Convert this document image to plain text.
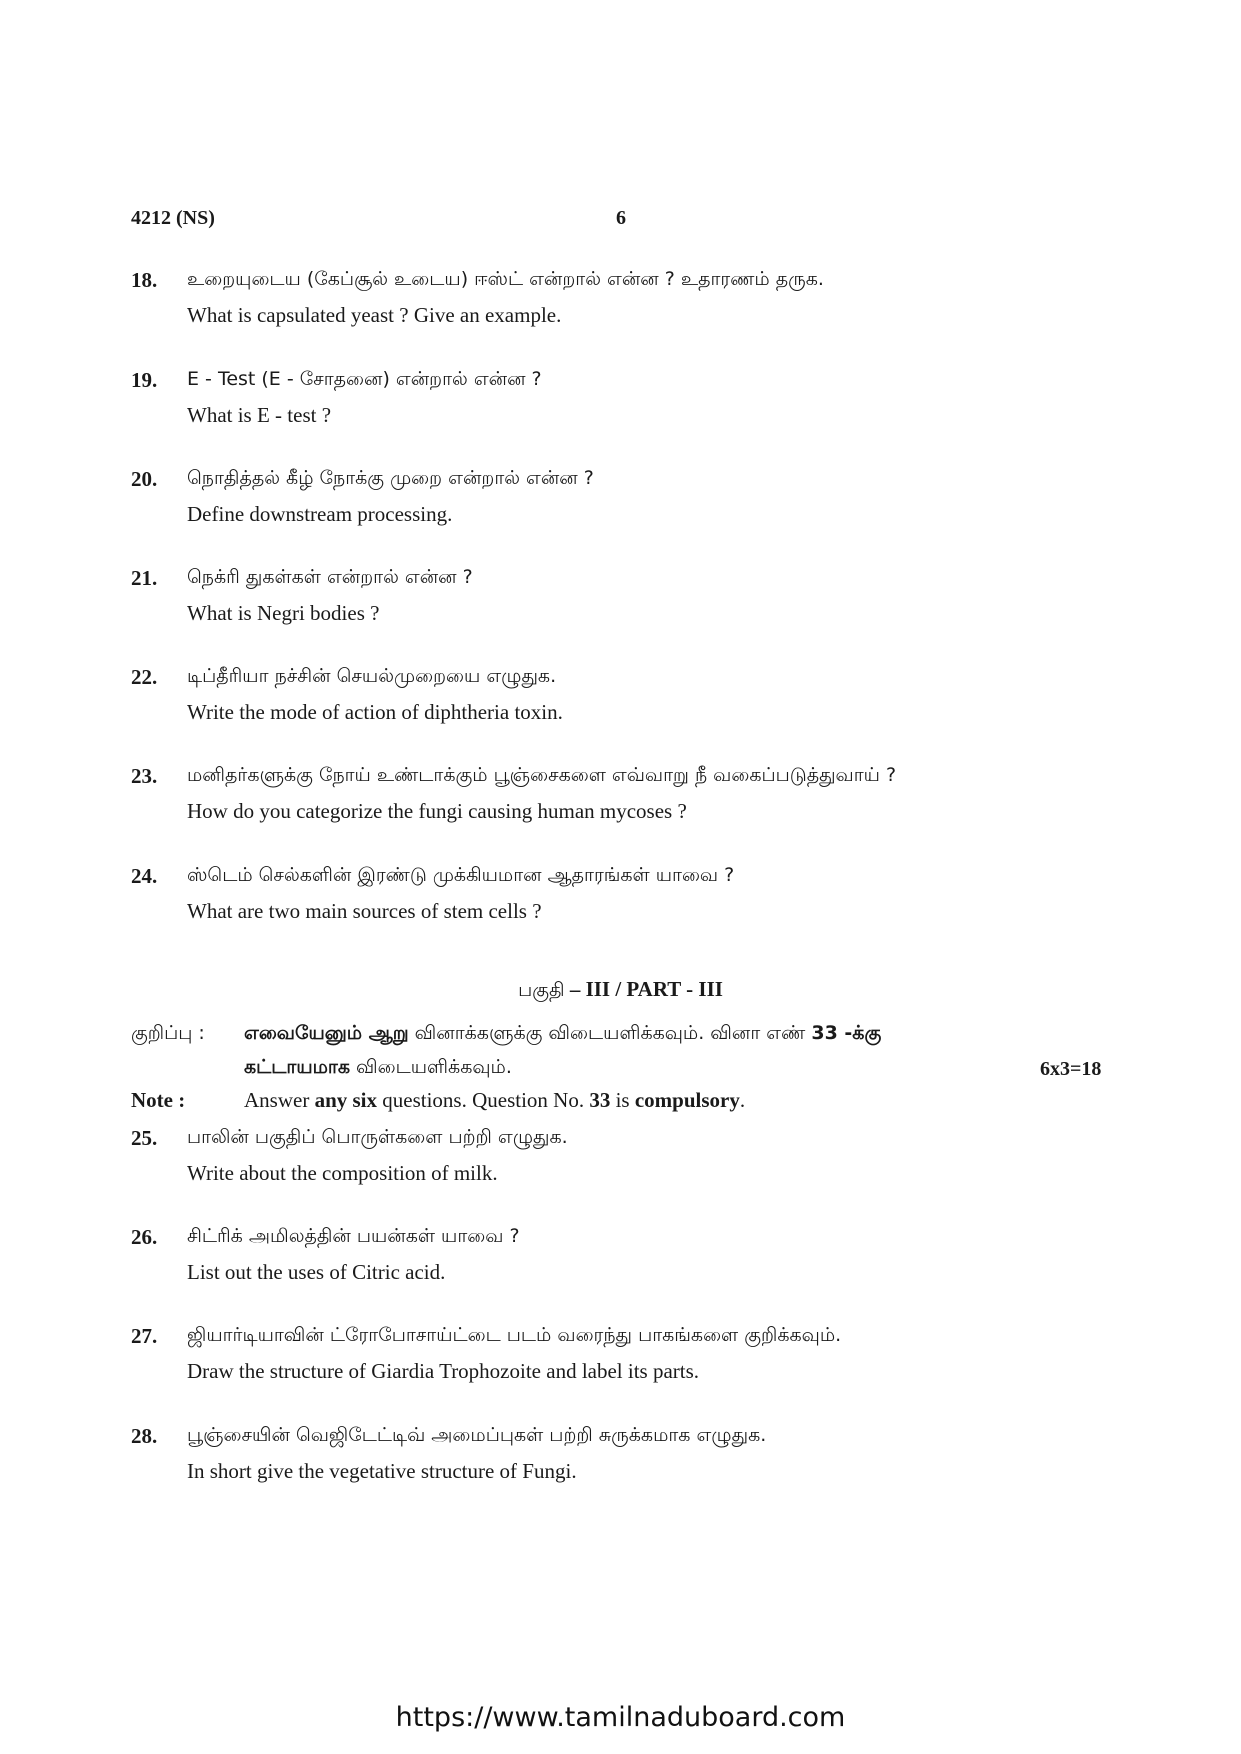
4212 (NS)	6
18. உறையுடைய (கேப்சூல் உடைய) ஈஸ்ட் என்றால் என்ன ? உதாரணம் தருக.
What is capsulated yeast ? Give an example.
19. E - Test (E - சோதனை) என்றால் என்ன ?
What is E - test ?
20. நொதித்தல் கீழ் நோக்கு முறை என்றால் என்ன ?
Define downstream processing.
21. நெக்ரி துகள்கள் என்றால் என்ன ?
What is Negri bodies ?
22. டிப்தீரியா நச்சின் செயல்முறையை எழுதுக.
Write the mode of action of diphtheria toxin.
23. மனிதர்களுக்கு நோய் உண்டாக்கும் பூஞ்சைகளை எவ்வாறு நீ வகைப்படுத்துவாய் ?
How do you categorize the fungi causing human mycoses ?
24. ஸ்டெம் செல்களின் இரண்டு முக்கியமான ஆதாரங்கள் யாவை ?
What are two main sources of stem cells ?
பகுதி – III / PART - III
குறிப்பு : எவையேனும் ஆறு வினாக்களுக்கு விடையளிக்கவும். வினா எண் 33 -க்கு
கட்டாயமாக விடையளிக்கவும்.	6x3=18
Note :	Answer any six questions. Question No. 33 is compulsory.
25. பாலின் பகுதிப் பொருள்களை பற்றி எழுதுக.
Write about the composition of milk.
26. சிட்ரிக் அமிலத்தின் பயன்கள் யாவை ?
List out the uses of Citric acid.
27. ஜியார்டியாவின் ட்ரோபோசாய்ட்டை படம் வரைந்து பாகங்களை குறிக்கவும்.
Draw the structure of Giardia Trophozoite and label its parts.
28. பூஞ்சையின் வெஜிடேட்டிவ் அமைப்புகள் பற்றி சுருக்கமாக எழுதுக.
In short give the vegetative structure of Fungi.
https://www.tamilnaduboard.com
